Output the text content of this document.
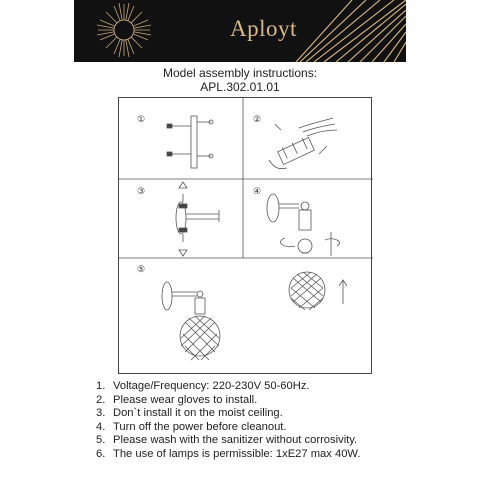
Aployt
Model assembly instructions:
APL.302.01.01
①	②
③	④
⑤
1. Voltage/Frequency: 220-230V 50-60Hz.
2. Please wear gloves to install.
3. Don`t install it on the moist ceiling.
4. Turn off the power before cleanout.
5. Please wash with the sanitizer without corrosivity.
6. The use of lamps is permissible: 1xE27 max 40W.
